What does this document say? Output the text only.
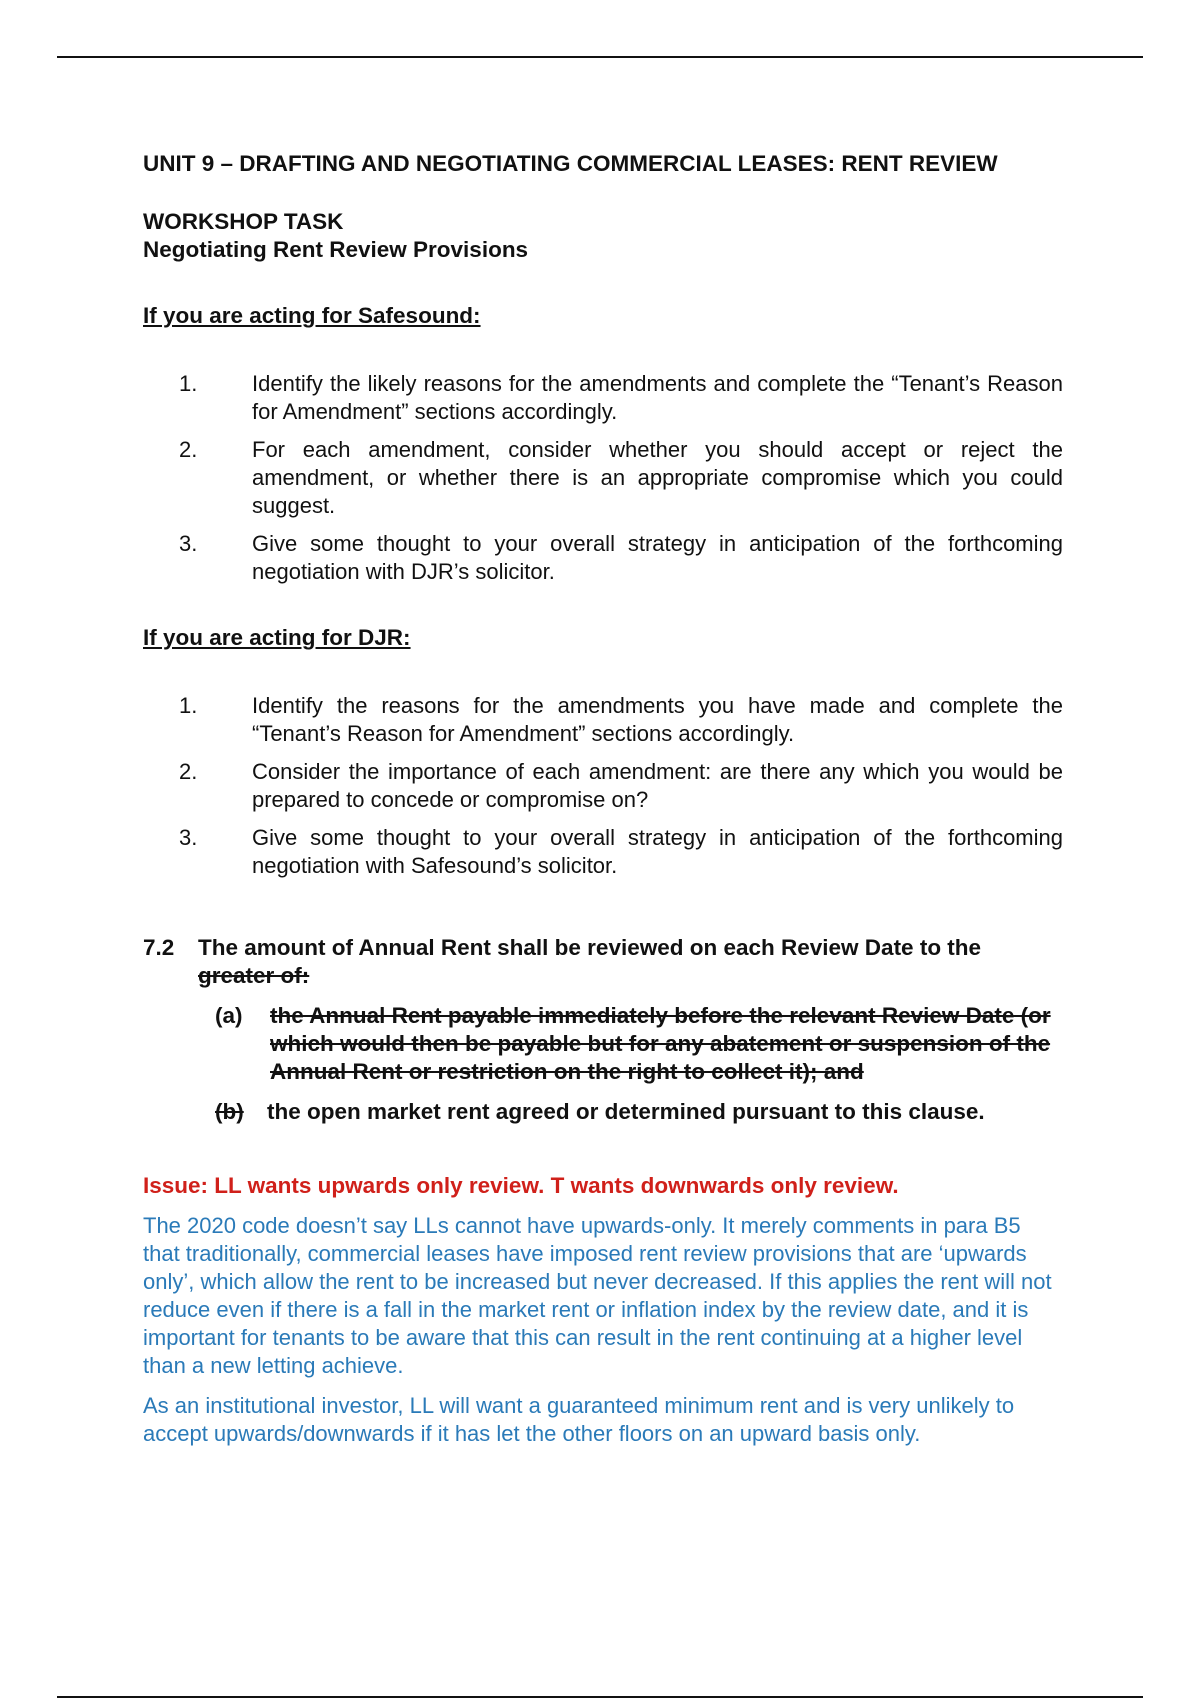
UNIT 9 – DRAFTING AND NEGOTIATING COMMERCIAL LEASES: RENT REVIEW
WORKSHOP TASK
Negotiating Rent Review Provisions
If you are acting for Safesound:
1. Identify the likely reasons for the amendments and complete the “Tenant’s Reason for Amendment” sections accordingly.
2. For each amendment, consider whether you should accept or reject the amendment, or whether there is an appropriate compromise which you could suggest.
3. Give some thought to your overall strategy in anticipation of the forthcoming negotiation with DJR’s solicitor.
If you are acting for DJR:
1. Identify the reasons for the amendments you have made and complete the “Tenant’s Reason for Amendment” sections accordingly.
2. Consider the importance of each amendment: are there any which you would be prepared to concede or compromise on?
3. Give some thought to your overall strategy in anticipation of the forthcoming negotiation with Safesound’s solicitor.
7.2 The amount of Annual Rent shall be reviewed on each Review Date to the greater of:
(a) the Annual Rent payable immediately before the relevant Review Date (or which would then be payable but for any abatement or suspension of the Annual Rent or restriction on the right to collect it); and
(b) the open market rent agreed or determined pursuant to this clause.
Issue: LL wants upwards only review. T wants downwards only review.
The 2020 code doesn’t say LLs cannot have upwards-only. It merely comments in para B5 that traditionally, commercial leases have imposed rent review provisions that are ‘upwards only’, which allow the rent to be increased but never decreased. If this applies the rent will not reduce even if there is a fall in the market rent or inflation index by the review date, and it is important for tenants to be aware that this can result in the rent continuing at a higher level than a new letting achieve.
As an institutional investor, LL will want a guaranteed minimum rent and is very unlikely to accept upwards/downwards if it has let the other floors on an upward basis only.
